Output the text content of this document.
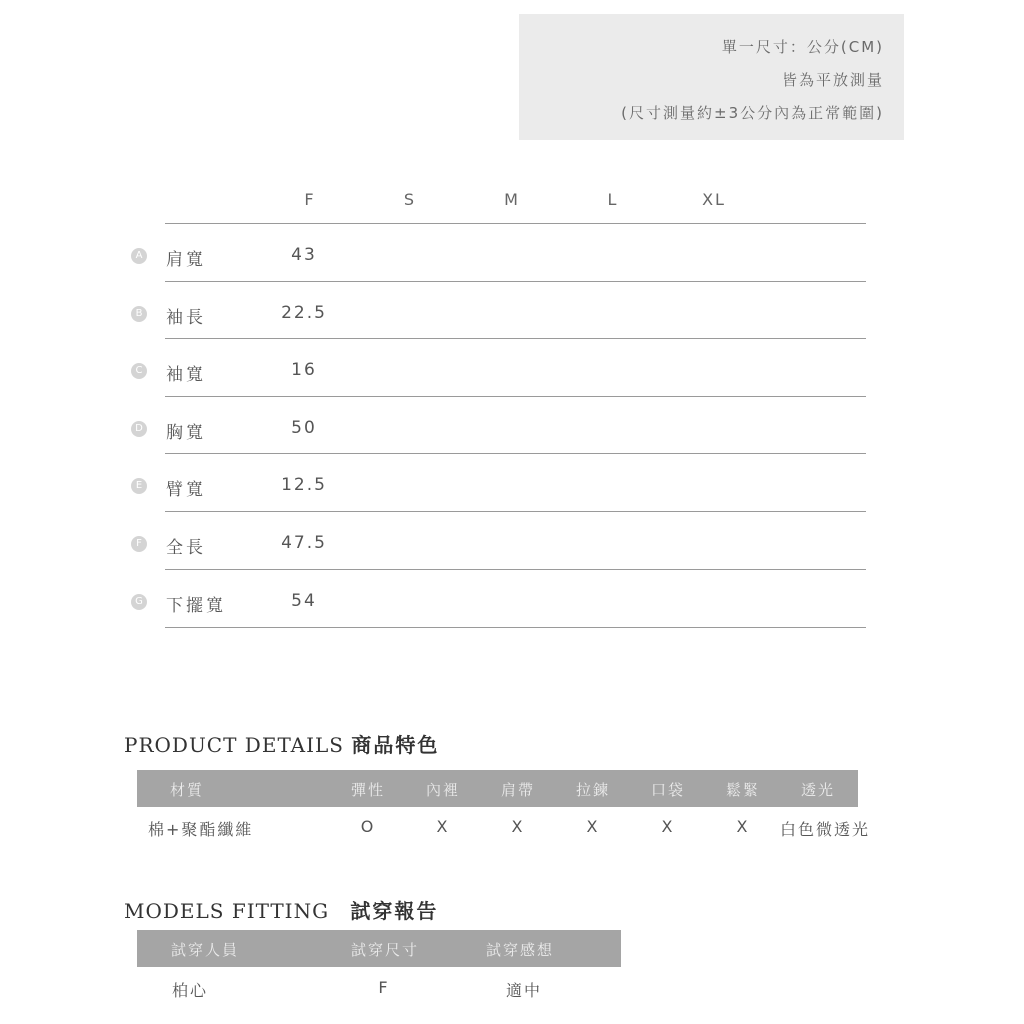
單一尺寸：公分(CM)
皆為平放測量
(尺寸測量約±3公分內為正常範圍)
F	S	M	L	XL
A 肩寬	43
B 袖長	22.5
C 袖寬	16
D 胸寬	50
E 臂寬	12.5
F	全長	47.5
G 下擺寬	54
PRODUCT DETAILS 商品特色
材質	彈性	內裡	肩帶	拉鍊	口袋	鬆緊	透光
棉+聚酯纖維	O	X	X	X	X	X	白色微透光
MODELS FITTING 試穿報告
試穿人員	試穿尺寸	試穿感想
柏心	F	適中
